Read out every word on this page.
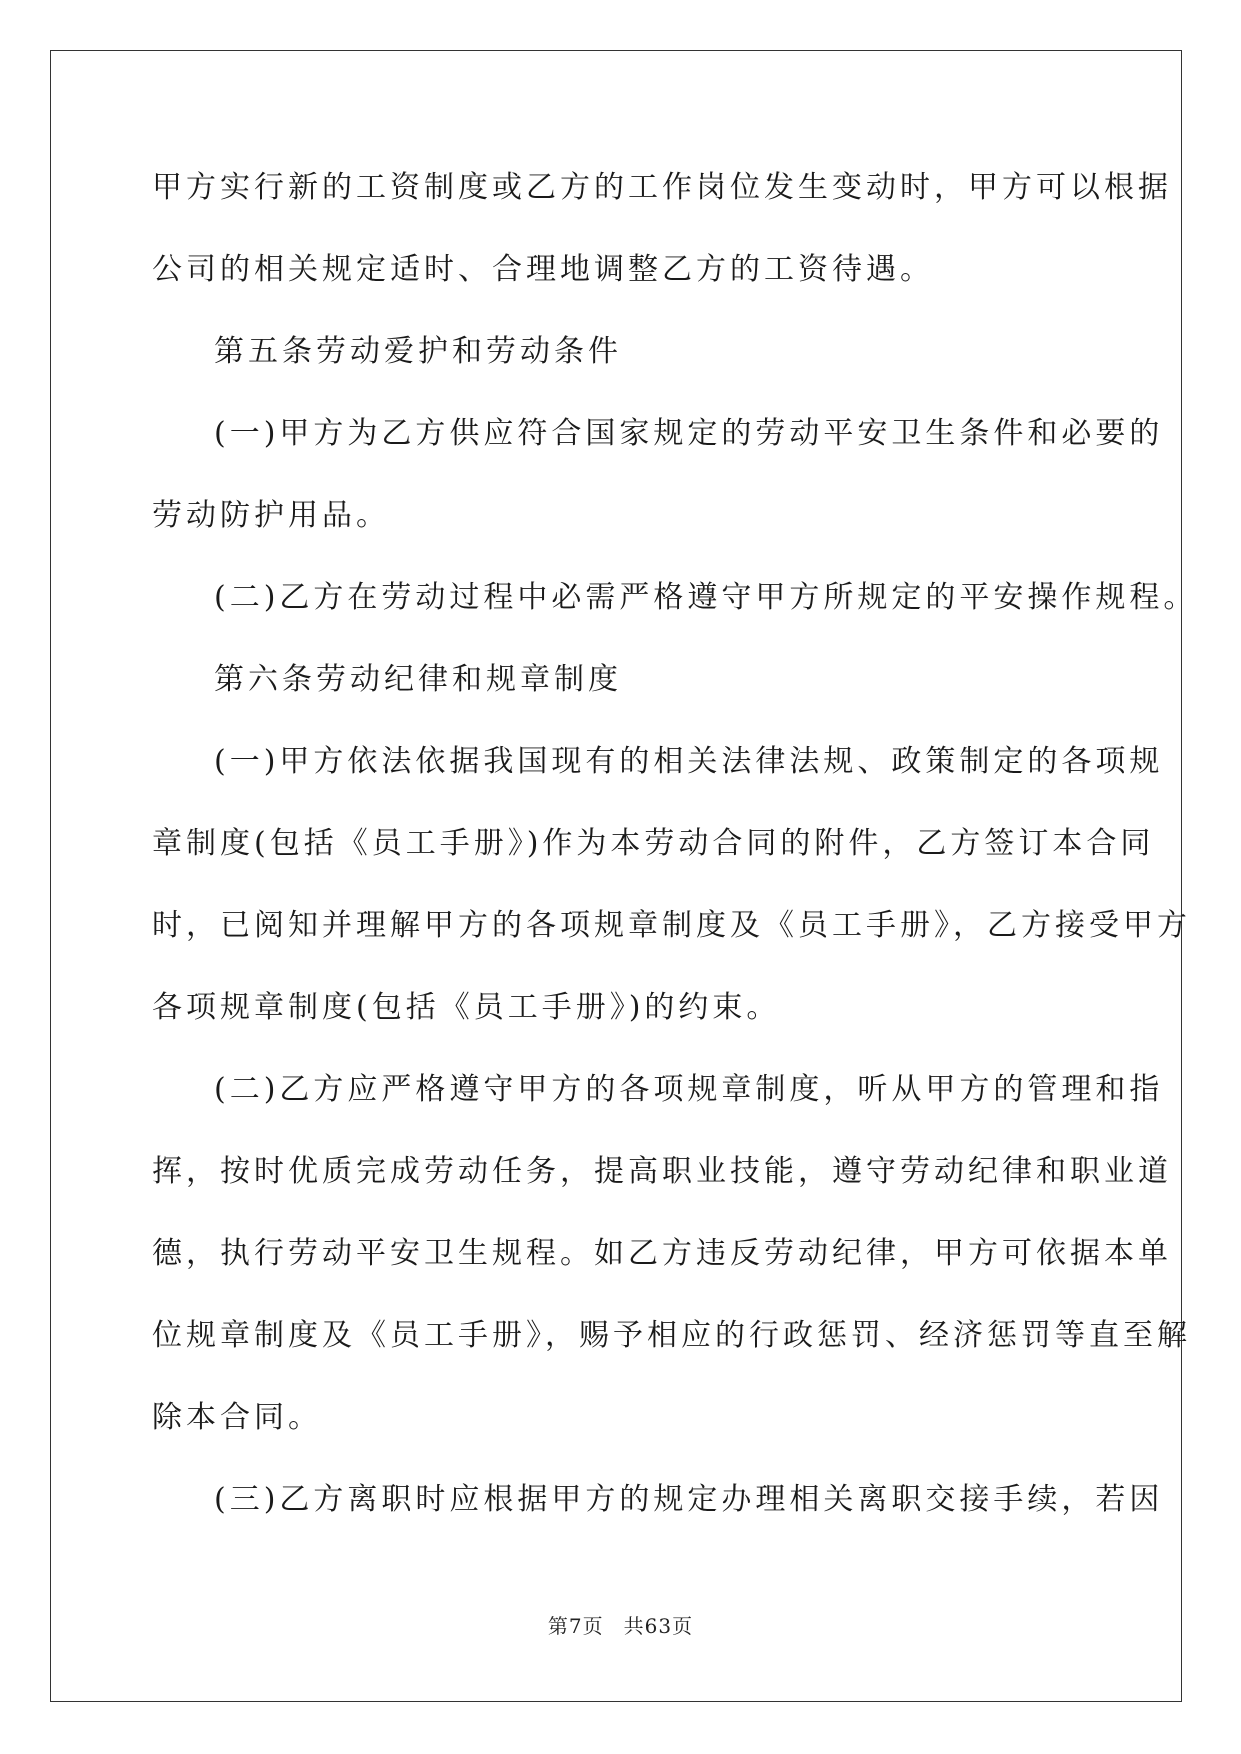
甲方实行新的工资制度或乙方的工作岗位发生变动时，甲方可以根据
公司的相关规定适时、合理地调整乙方的工资待遇。
第五条劳动爱护和劳动条件
(一)甲方为乙方供应符合国家规定的劳动平安卫生条件和必要的
劳动防护用品。
(二)乙方在劳动过程中必需严格遵守甲方所规定的平安操作规程。
第六条劳动纪律和规章制度
(一)甲方依法依据我国现有的相关法律法规、政策制定的各项规
章制度(包括《员工手册》)作为本劳动合同的附件，乙方签订本合同
时，已阅知并理解甲方的各项规章制度及《员工手册》，乙方接受甲方
各项规章制度(包括《员工手册》)的约束。
(二)乙方应严格遵守甲方的各项规章制度，听从甲方的管理和指
挥，按时优质完成劳动任务，提高职业技能，遵守劳动纪律和职业道
德，执行劳动平安卫生规程。如乙方违反劳动纪律，甲方可依据本单
位规章制度及《员工手册》，赐予相应的行政惩罚、经济惩罚等直至解
除本合同。
(三)乙方离职时应根据甲方的规定办理相关离职交接手续，若因
第7页 共63页
